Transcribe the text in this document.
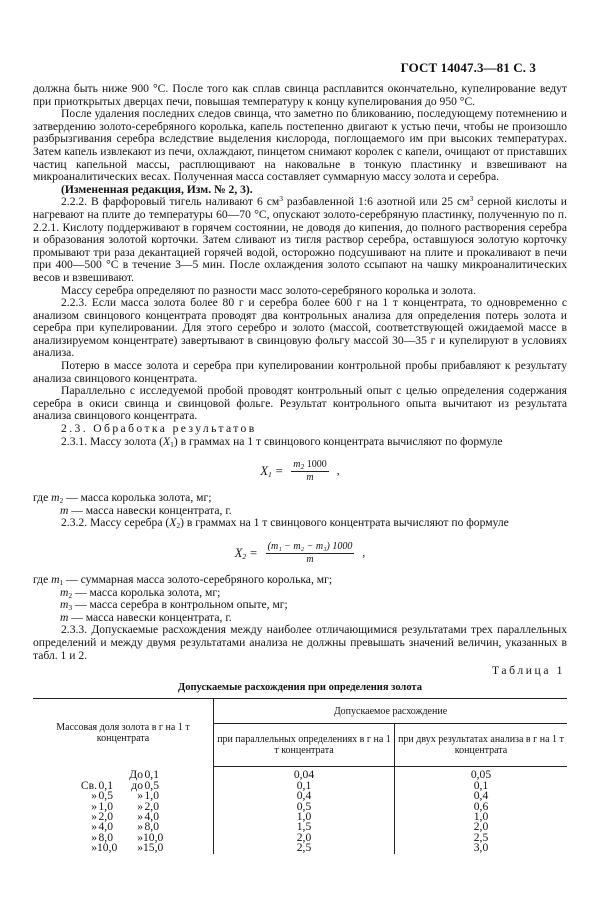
ГОСТ 14047.3—81 С. 3

должна быть ниже 900 °С. После того как сплав свинца расплавится окончательно, купелирование ведут при приоткрытых дверцах печи, повышая температуру к концу купелирования до 950 °С.

После удаления последних следов свинца, что заметно по бликованию, последующему потемнению и затвердению золото-серебряного королька, капель постепенно двигают к устью печи, чтобы не произошло разбрызгивания серебра вследствие выделения кислорода, поглощаемого им при высоких температурах. Затем капель извлекают из печи, охлаждают, пинцетом снимают королек с капели, очищают от приставших частиц капельной массы, расплющивают на наковальне в тонкую пластинку и взвешивают на микроаналитических весах. Полученная масса составляет суммарную массу золота и серебра.

(Измененная редакция, Изм. № 2, 3).

2.2.2. В фарфоровый тигель наливают 6 $см^3$ разбавленной 1:6 азотной или 25 $см^3$ серной кислоты и нагревают на плите до температуры 60—70 °С, опускают золото-серебряную пластинку, полученную по п. 2.2.1. Кислоту поддерживают в горячем состоянии, не доводя до кипения, до полного растворения серебра и образования золотой корточки. Затем сливают из тигля раствор серебра, оставшуюся золотую корточку промывают три раза декантацией горячей водой, осторожно подсушивают на плите и прокаливают в печи при 400—500 °С в течение 3—5 мин. После охлаждения золото ссыпают на чашку микроаналитических весов и взвешивают.

Массу серебра определяют по разности масс золото-серебряного королька и золота.

2.2.3. Если масса золота более 80 г и серебра более 600 г на 1 т концентрата, то одновременно с анализом свинцового концентрата проводят два контрольных анализа для определения потерь золота и серебра при купелировании. Для этого серебро и золото (массой, соответствующей ожидаемой массе в анализируемом концентрате) завертывают в свинцовую фольгу массой 30—35 г и купелируют в условиях анализа.

Потерю в массе золота и серебра при купелировании контрольной пробы прибавляют к результату анализа свинцового концентрата.

Параллельно с исследуемой пробой проводят контрольный опыт с целью определения содержания серебра в окиси свинца и свинцовой фольге. Результат контрольного опыта вычитают из результата анализа свинцового концентрата.

2.3. Обработка результатов

2.3.1. Массу золота $(X_1)$ в граммах на 1 т свинцового концентрата вычисляют по формуле

$X_1 = \frac{m_2 1000}{m}$ ,
где $m_2$ — масса королька золота, мг;
m — масса навески концентрата, г.

2.3.2. Массу серебра $(X_2)$ в граммах на 1 т свинцового концентрата вычисляют по формуле

$X_2 = \frac{\text{(m₁ − m₂ − m₃) 1000}}{m}$ ,
где $m_1$ — суммарная масса золото-серебряного королька, мг;
$m_2$ — масса королька золота, мг;
$m_3$ — масса серебра в контрольном опыте, мг;
m — масса навески концентрата, г.

2.3.3. Допускаемые расхождения между наиболее отличающимися результатами трех параллельных определений и между двумя результатами анализа не должны превышать значений величин, указанных в табл. 1 и 2.

Таблица 1
Допускаемые расхождения при определения золота
Массовая доля золота в г на 1 т концентрата	Допускаемое расхождение	
	при параллельных определениях в г на 1 т концентрата	при двух результатах анализа в г на 1 т концентрата

До 0,1	0,04	0,05

Св. 0,1 до 0,5	0,1	0,1

» 0,5 » 1,0	0,4	0,4

» 1,0 » 2,0	0,5	0,6

» 2,0 » 4,0	1,0	1,0

» 4,0 » 8,0	1,5	2,0

» 8,0 » 10,0	2,0	2,5

» 10,0 » 15,0	2,5	3,0
